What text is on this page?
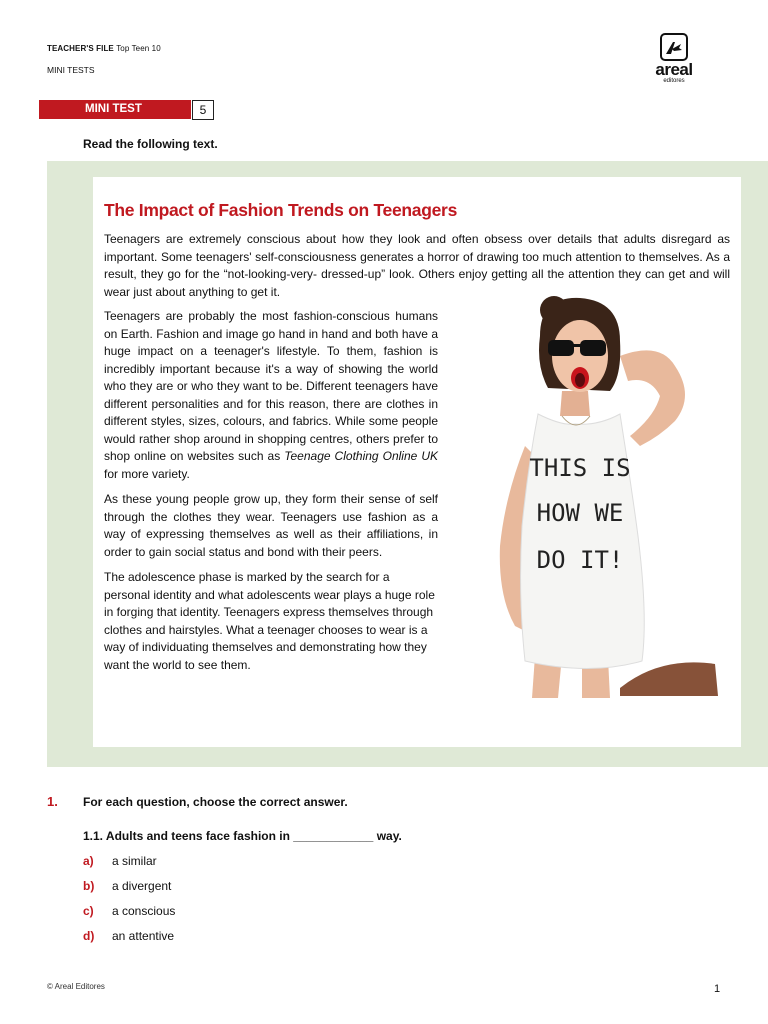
TEACHER'S FILE Top Teen 10
MINI TESTS	areal
editores
MINI TEST	5
Read the following text.
The Impact of Fashion Trends on Teenagers

Teenagers are extremely conscious about how they look and often obsess over details that adults disregard as important. Some teenagers' self-consciousness generates a horror of drawing too much attention to themselves. As a result, they go for the “not-looking-very- dressed-up” look. Others enjoy getting all the attention they can get and will wear just about anything to get it.

Teenagers are probably the most fashion-conscious humans on Earth. Fashion and image go hand in hand and both have a huge impact on a teenager's lifestyle. To them, fashion is incredibly important because it's a way of showing the world who they are or who they want to be. Different teenagers have different personalities and for this reason, there are clothes in different styles, sizes, colours, and fabrics. While some people would rather shop around in shopping centres, others prefer to shop online on websites such as Teenage Clothing Online UK for more variety.

As these young people grow up, they form their sense of self through the clothes they wear. Teenagers use fashion as a way of expressing themselves as well as their affiliations, in order to gain social status and bond with their peers.

The adolescence phase is marked by the search for a personal identity and what adolescents wear plays a huge role in forging that identity. Teenagers express themselves through clothes and hairstyles. What a teenager chooses to wear is a way of individuating themselves and demonstrating how they want the world to see them.

THIS IS
HOW WE
DO IT!
1. For each question, choose the correct answer.
1.1. Adults and teens face fashion in ____________ way.
a) a similar
b) a divergent
c) a conscious
d) an attentive
© Areal Editores	1
